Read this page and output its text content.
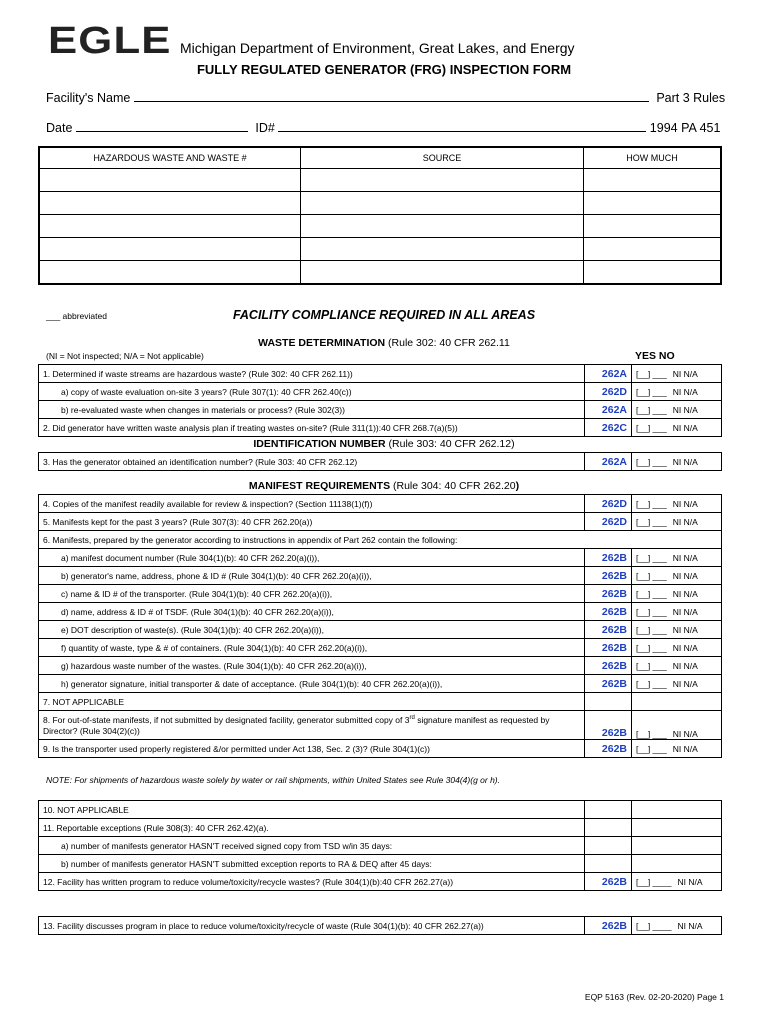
EGLE Michigan Department of Environment, Great Lakes, and Energy
FULLY REGULATED GENERATOR (FRG) INSPECTION FORM
Facility's Name	Part 3 Rules
Date	ID#	1994 PA 451
HAZARDOUS WASTE AND WASTE #	SOURCE	HOW MUCH

___ abbreviated	FACILITY COMPLIANCE REQUIRED IN ALL AREAS
WASTE DETERMINATION (Rule 302: 40 CFR 262.11
(NI = Not inspected; N/A = Not applicable)	YES NO
1. Determined if waste streams are hazardous waste? (Rule 302: 40 CFR 262.11))	262A	[__] ___ NI N/A
a) copy of waste evaluation on-site 3 years? (Rule 307(1): 40 CFR 262.40(c))	262D	[__] ___ NI N/A
b) re-evaluated waste when changes in materials or process? (Rule 302(3))	262A	[__] ___ NI N/A
2. Did generator have written waste analysis plan if treating wastes on-site? (Rule 311(1)):40 CFR 268.7(a)(5))	262C	[__] ___ NI N/A
IDENTIFICATION NUMBER (Rule 303: 40 CFR 262.12)
3. Has the generator obtained an identification number? (Rule 303: 40 CFR 262.12)	262A	[__] ___ NI N/A
MANIFEST REQUIREMENTS (Rule 304: 40 CFR 262.20)
4. Copies of the manifest readily available for review & inspection? (Section 11138(1)(f))	262D	[__] ___ NI N/A
5. Manifests kept for the past 3 years? (Rule 307(3): 40 CFR 262.20(a))	262D	[__] ___ NI N/A
6. Manifests, prepared by the generator according to instructions in appendix of Part 262 contain the following:		
a) manifest document number (Rule 304(1)(b): 40 CFR 262.20(a)(i)),	262B	[__] ___ NI N/A
b) generator's name, address, phone & ID # (Rule 304(1)(b): 40 CFR 262.20(a)(i)),	262B	[__] ___ NI N/A
c) name & ID # of the transporter. (Rule 304(1)(b): 40 CFR 262.20(a)(i)),	262B	[__] ___ NI N/A
d) name, address & ID # of TSDF. (Rule 304(1)(b): 40 CFR 262.20(a)(i)),	262B	[__] ___ NI N/A
e) DOT description of waste(s). (Rule 304(1)(b): 40 CFR 262.20(a)(i)),	262B	[__] ___ NI N/A
f) quantity of waste, type & # of containers. (Rule 304(1)(b): 40 CFR 262.20(a)(i)),	262B	[__] ___ NI N/A
g) hazardous waste number of the wastes. (Rule 304(1)(b): 40 CFR 262.20(a)(i)),	262B	[__] ___ NI N/A
h) generator signature, initial transporter & date of acceptance. (Rule 304(1)(b): 40 CFR 262.20(a)(i)),	262B	[__] ___ NI N/A
7. NOT APPLICABLE		
8. For out-of-state manifests, if not submitted by designated facility, generator submitted copy of 3rd signature manifest as requested by Director? (Rule 304(2)(c))	262B	[__] ___ NI N/A
9. Is the transporter used properly registered &/or permitted under Act 138, Sec. 2 (3)? (Rule 304(1)(c))	262B	[__] ___ NI N/A
NOTE: For shipments of hazardous waste solely by water or rail shipments, within United States see Rule 304(4)(g or h).
10. NOT APPLICABLE		
11. Reportable exceptions (Rule 308(3): 40 CFR 262.42)(a).		
a) number of manifests generator HASN'T received signed copy from TSD w/in 35 days:		
b) number of manifests generator HASN'T submitted exception reports to RA & DEQ after 45 days:		
12. Facility has written program to reduce volume/toxicity/recycle wastes? (Rule 304(1)(b):40 CFR 262.27(a))	262B	[__] ____ NI N/A
13. Facility discusses program in place to reduce volume/toxicity/recycle of waste (Rule 304(1)(b): 40 CFR 262.27(a))	262B	[__] ____ NI N/A
EQP 5163 (Rev. 02-20-2020) Page 1
